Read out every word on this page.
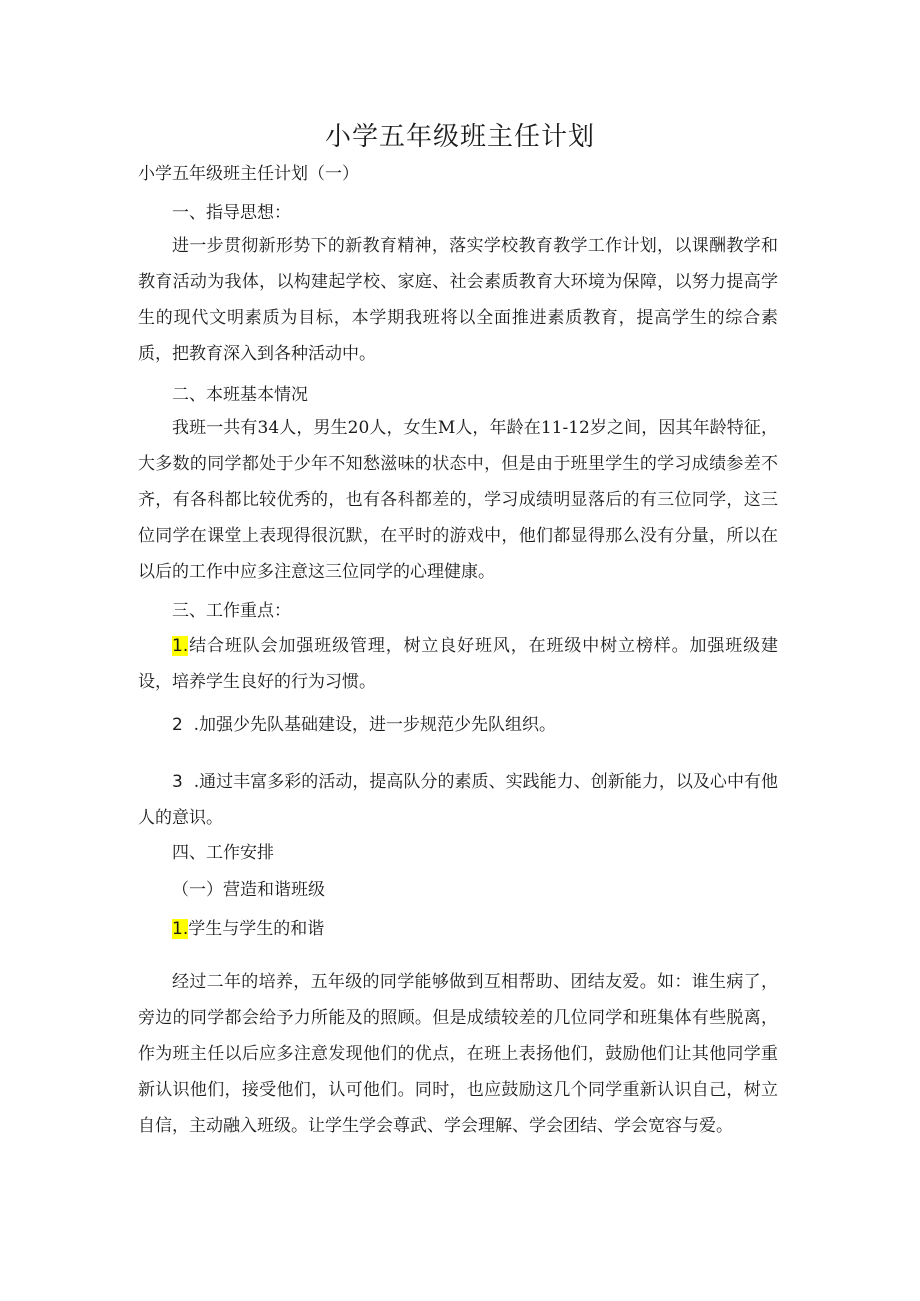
小学五年级班主任计划

小学五年级班主任计划（一）

一、指导思想：

进一步贯彻新形势下的新教育精神，落实学校教育教学工作计划，以课酬教学和教育活动为我体，以构建起学校、家庭、社会素质教育大环境为保障，以努力提高学生的现代文明素质为目标，本学期我班将以全面推进素质教育，提高学生的综合素质，把教育深入到各种活动中。

二、本班基本情况

我班一共有34人，男生20人，女生M人，年龄在11-12岁之间，因其年龄特征，大多数的同学都处于少年不知愁滋味的状态中，但是由于班里学生的学习成绩参差不齐，有各科都比较优秀的，也有各科都差的，学习成绩明显落后的有三位同学，这三位同学在课堂上表现得很沉默，在平时的游戏中，他们都显得那么没有分量，所以在以后的工作中应多注意这三位同学的心理健康。

三、工作重点：

1.结合班队会加强班级管理，树立良好班风，在班级中树立榜样。加强班级建设，培养学生良好的行为习惯。

2 .加强少先队基础建设，进一步规范少先队组织。

3 .通过丰富多彩的活动，提高队分的素质、实践能力、创新能力，以及心中有他人的意识。

四、工作安排

（一）营造和谐班级

1.学生与学生的和谐

经过二年的培养，五年级的同学能够做到互相帮助、团结友爱。如：谁生病了，旁边的同学都会给予力所能及的照顾。但是成绩较差的几位同学和班集体有些脱离，作为班主任以后应多注意发现他们的优点，在班上表扬他们，鼓励他们让其他同学重新认识他们，接受他们，认可他们。同时，也应鼓励这几个同学重新认识自己，树立自信，主动融入班级。让学生学会尊武、学会理解、学会团结、学会宽容与爱。
